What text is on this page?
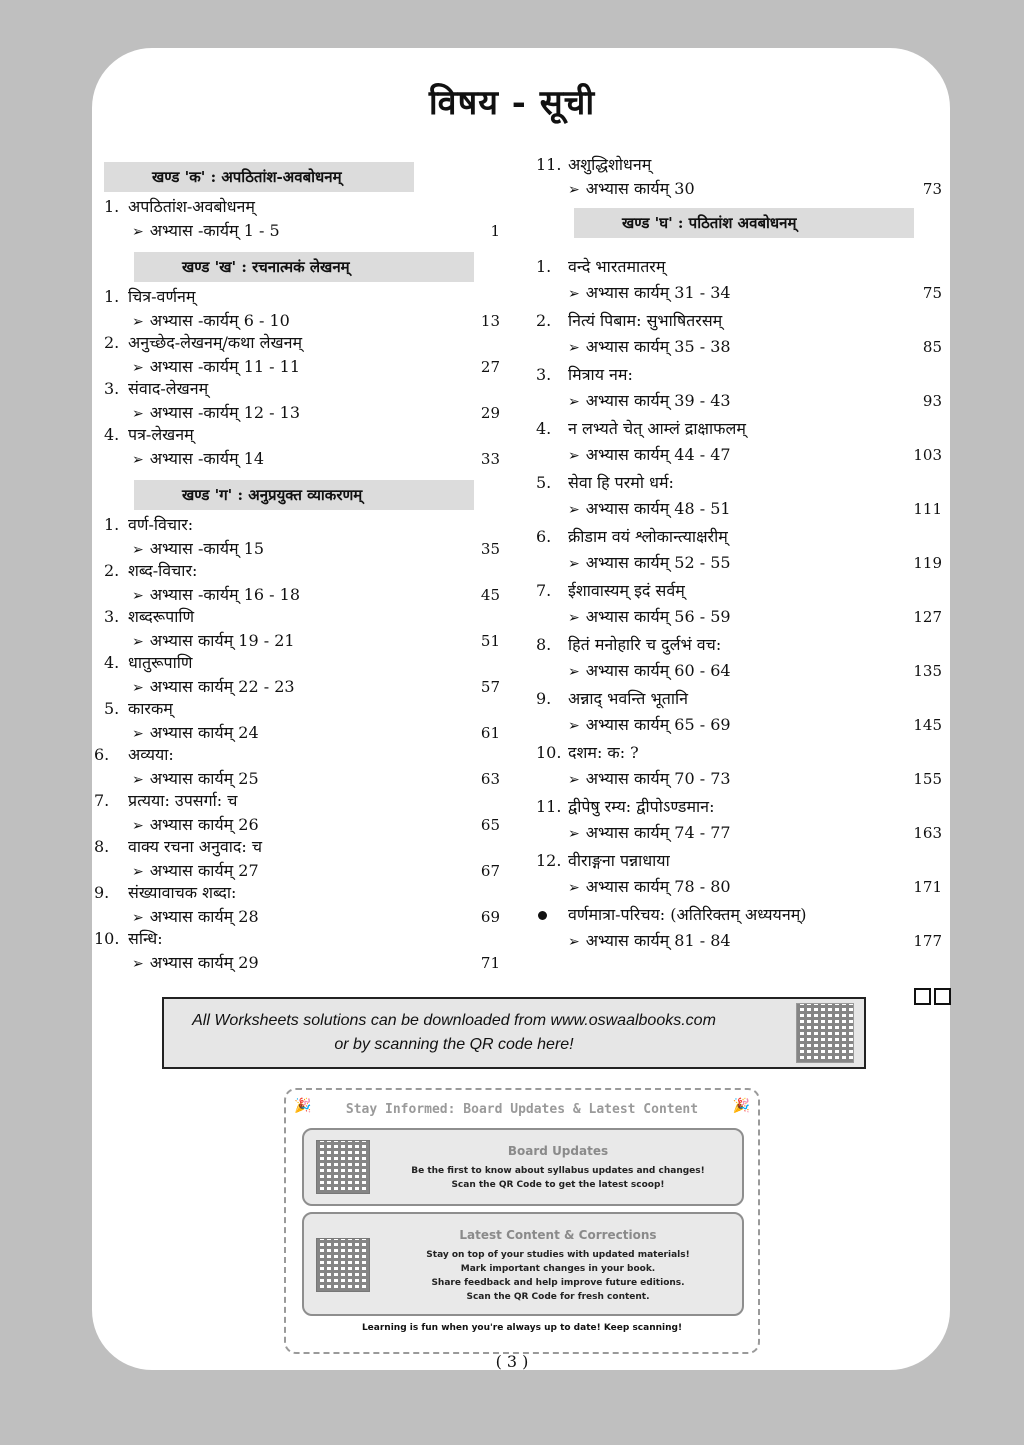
विषय - सूची
खण्ड 'क' : अपठितांश-अवबोधनम्
1. अपठितांश-अवबोधनम्
➢ अभ्यास -कार्यम् 1 - 5	1
खण्ड 'ख' : रचनात्मकं लेखनम्
1. चित्र-वर्णनम्
➢ अभ्यास -कार्यम् 6 - 10	13
2. अनुच्छेद-लेखनम्/कथा लेखनम्
➢ अभ्यास -कार्यम् 11 - 11	27
3. संवाद-लेखनम्
➢ अभ्यास -कार्यम् 12 - 13	29
4. पत्र-लेखनम्
➢ अभ्यास -कार्यम् 14	33
खण्ड 'ग' : अनुप्रयुक्त व्याकरणम्
1. वर्ण-विचार:
➢ अभ्यास -कार्यम् 15	35
2. शब्द-विचार:
➢ अभ्यास -कार्यम् 16 - 18	45
3. शब्दरूपाणि
➢ अभ्यास कार्यम् 19 - 21	51
4. धातुरूपाणि
➢ अभ्यास कार्यम् 22 - 23	57
5. कारकम्
➢ अभ्यास कार्यम् 24	61
6. अव्यया:
➢ अभ्यास कार्यम् 25	63
7. प्रत्यया: उपसर्गा: च
➢ अभ्यास कार्यम् 26	65
8. वाक्य रचना अनुवाद: च
➢ अभ्यास कार्यम् 27	67
9. संख्यावाचक शब्दा:
➢ अभ्यास कार्यम् 28	69
10. सन्धि:
➢ अभ्यास कार्यम् 29	71
11. अशुद्धिशोधनम्
➢ अभ्यास कार्यम् 30	73
खण्ड 'घ' : पठितांश अवबोधनम्
1. वन्दे भारतमातरम्
➢ अभ्यास कार्यम् 31 - 34	75
2. नित्यं पिबाम: सुभाषितरसम्
➢ अभ्यास कार्यम् 35 - 38	85
3. मित्राय नम:
➢ अभ्यास कार्यम् 39 - 43	93
4. न लभ्यते चेत् आम्लं द्राक्षाफलम्
➢ अभ्यास कार्यम् 44 - 47	103
5. सेवा हि परमो धर्म:
➢ अभ्यास कार्यम् 48 - 51	111
6. क्रीडाम वयं श्लोकान्त्याक्षरीम्
➢ अभ्यास कार्यम् 52 - 55	119
7. ईशावास्यम् इदं सर्वम्
➢ अभ्यास कार्यम् 56 - 59	127
8. हितं मनोहारि च दुर्लभं वच:
➢ अभ्यास कार्यम् 60 - 64	135
9. अन्नाद् भवन्ति भूतानि
➢ अभ्यास कार्यम् 65 - 69	145
10. दशम: क: ?
➢ अभ्यास कार्यम् 70 - 73	155
11. द्वीपेषु रम्य: द्वीपोऽण्डमान:
➢ अभ्यास कार्यम् 74 - 77	163
12. वीराङ्गना पन्नाधाया
➢ अभ्यास कार्यम् 78 - 80	171
वर्णमात्रा-परिचय: (अतिरिक्तम् अध्ययनम्)
➢ अभ्यास कार्यम् 81 - 84	177
All Worksheets solutions can be downloaded from www.oswaalbooks.com
or by scanning the QR code here!
🎉	🎉
Stay Informed: Board Updates & Latest Content
Board Updates
Be the first to know about syllabus updates and changes!
Scan the QR Code to get the latest scoop!
Latest Content & Corrections
Stay on top of your studies with updated materials!
Mark important changes in your book.
Share feedback and help improve future editions.
Scan the QR Code for fresh content.
Learning is fun when you're always up to date! Keep scanning!
( 3 )
